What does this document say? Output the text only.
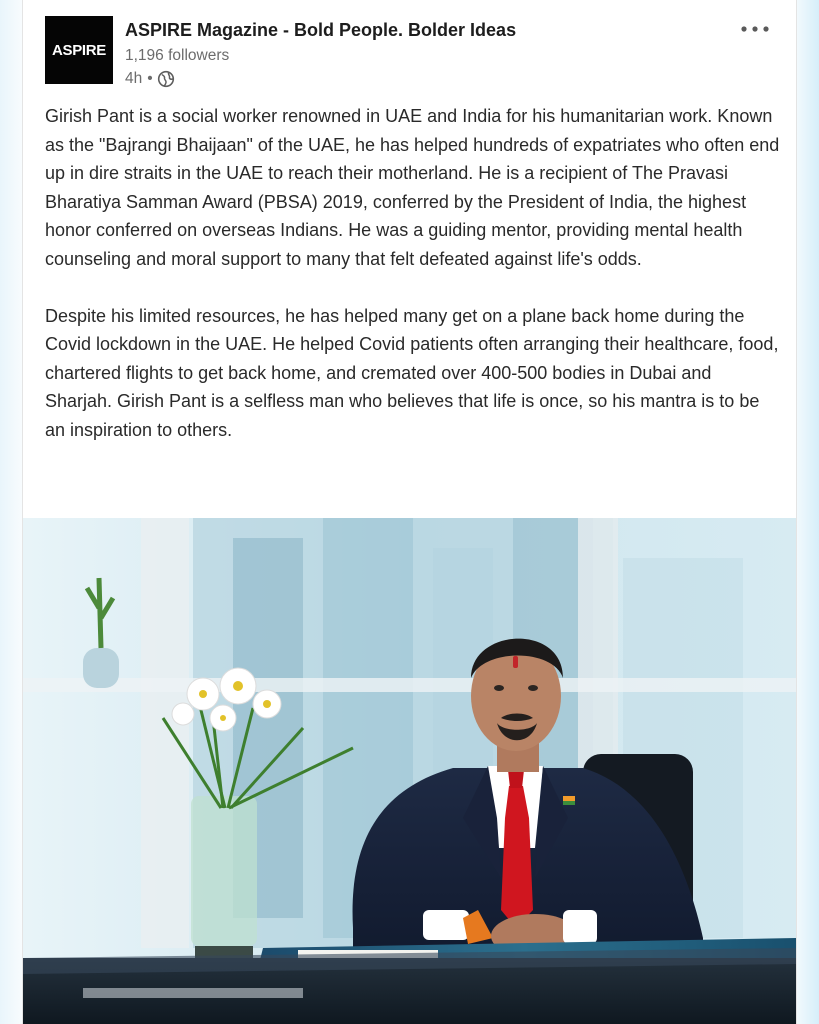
ASPIRE
ASPIRE Magazine - Bold People. Bolder Ideas
1,196 followers
4h •

Girish Pant is a social worker renowned in UAE and India for his humanitarian work. Known as the "Bajrangi Bhaijaan" of the UAE, he has helped hundreds of expatriates who often end up in dire straits in the UAE to reach their motherland. He is a recipient of The Pravasi Bharatiya Samman Award (PBSA) 2019, conferred by the President of India, the highest honor conferred on overseas Indians. He was a guiding mentor, providing mental health counseling and moral support to many that felt defeated against life's odds.

Despite his limited resources, he has helped many get on a plane back home during the Covid lockdown in the UAE. He helped Covid patients often arranging their healthcare, food, chartered flights to get back home, and cremated over 400-500 bodies in Dubai and Sharjah. Girish Pant is a selfless man who believes that life is once, so his mantra is to be an inspiration to others.
